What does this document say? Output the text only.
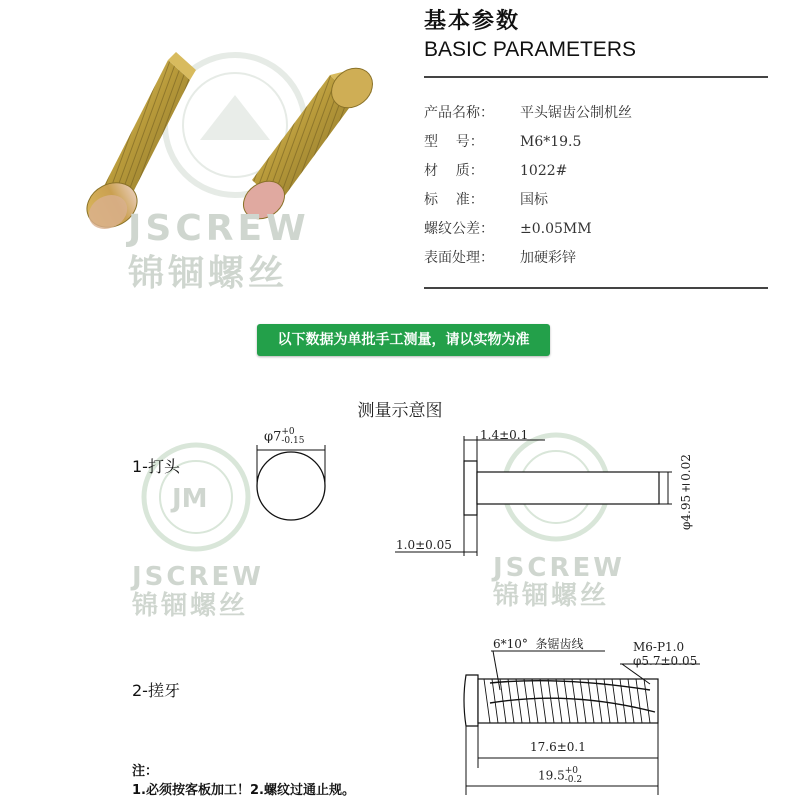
JSCREW
锦锢螺丝
JM
JSCREW
锦锢螺丝
JSCREW
锦锢螺丝
基本参数
BASIC PARAMETERS
产品名称： 平头锯齿公制机丝
型    号：	M6*19.5
材    质：	1022#
标    准：	国标
螺纹公差： ±0.05MM
表面处理： 加硬彩锌
以下数据为单批手工测量，请以实物为准
测量示意图
1-打头
φ7 +0
-0.15	1.4±0.1
φ4.95±0.02
1.0±0.05
2-搓牙
6*10° 条锯齿线	M6-P1.0
φ5.7±0.05
17.6±0.1
19.5 +0
-0.2
注：
1.必须按客板加工！2.螺纹过通止规。
